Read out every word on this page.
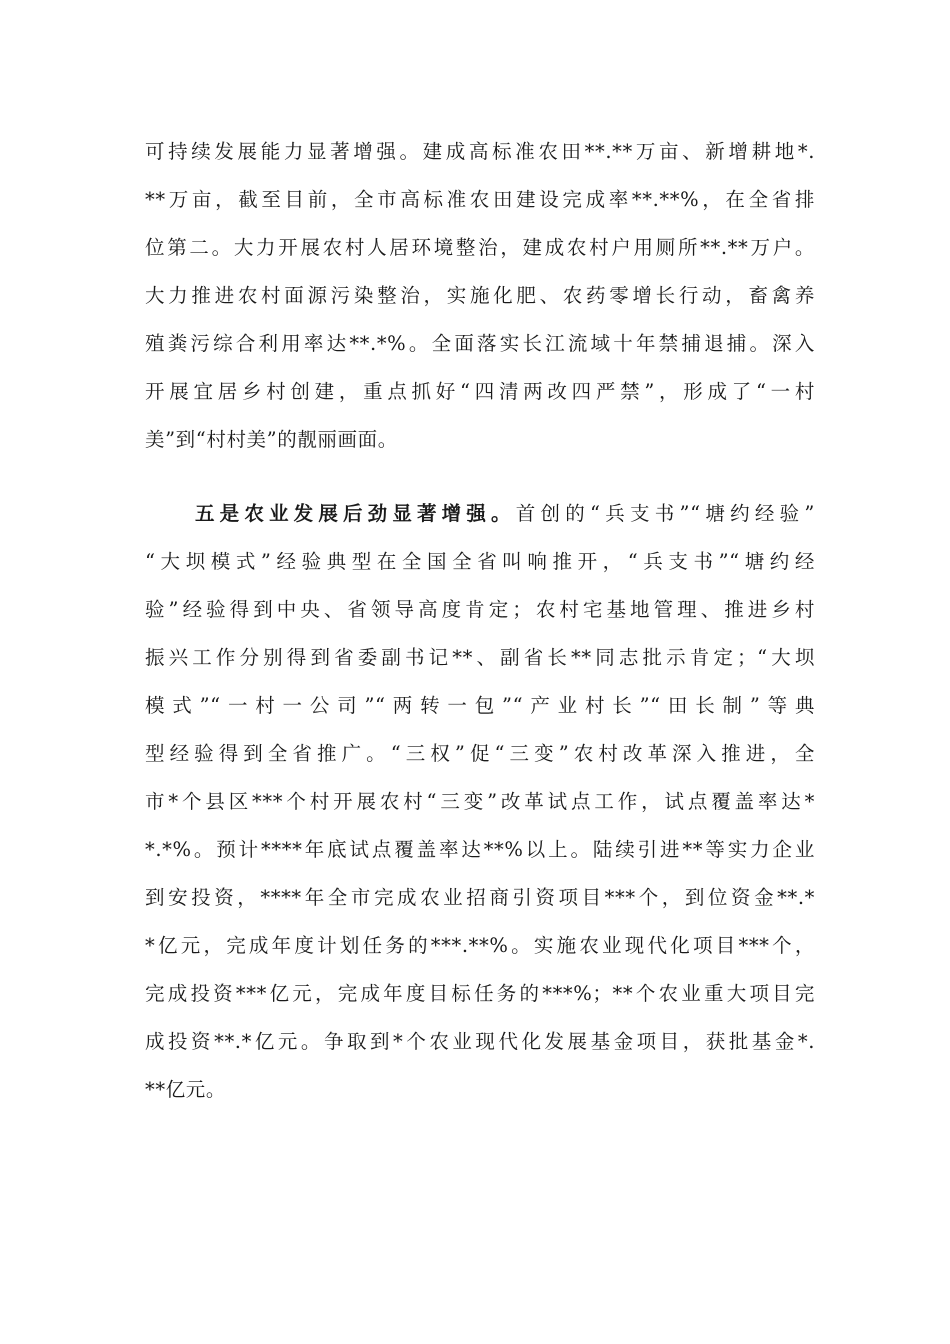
可持续发展能力显著增强。建成高标准农田**.**万亩、新增耕地*.
**万亩，截至目前，全市高标准农田建设完成率**.**%，在全省排
位第二。大力开展农村人居环境整治，建成农村户用厕所**.**万户。
大力推进农村面源污染整治，实施化肥、农药零增长行动，畜禽养
殖粪污综合利用率达**.*%。全面落实长江流域十年禁捕退捕。深入
开展宜居乡村创建，重点抓好“四清两改四严禁”，形成了“一村
美”到“村村美”的靓丽画面。
五是农业发展后劲显著增强。首创的“兵支书”“塘约经验”
“大坝模式”经验典型在全国全省叫响推开，“兵支书”“塘约经
验”经验得到中央、省领导高度肯定；农村宅基地管理、推进乡村
振兴工作分别得到省委副书记**、副省长**同志批示肯定；“大坝
模式”“一村一公司”“两转一包”“产业村长”“田长制”等典
型经验得到全省推广。“三权”促“三变”农村改革深入推进，全
市*个县区***个村开展农村“三变”改革试点工作，试点覆盖率达*
*.*%。预计****年底试点覆盖率达**%以上。陆续引进**等实力企业
到安投资，****年全市完成农业招商引资项目***个，到位资金**.*
*亿元，完成年度计划任务的***.**%。实施农业现代化项目***个，
完成投资***亿元，完成年度目标任务的***%；**个农业重大项目完
成投资**.*亿元。争取到*个农业现代化发展基金项目，获批基金*.
**亿元。
